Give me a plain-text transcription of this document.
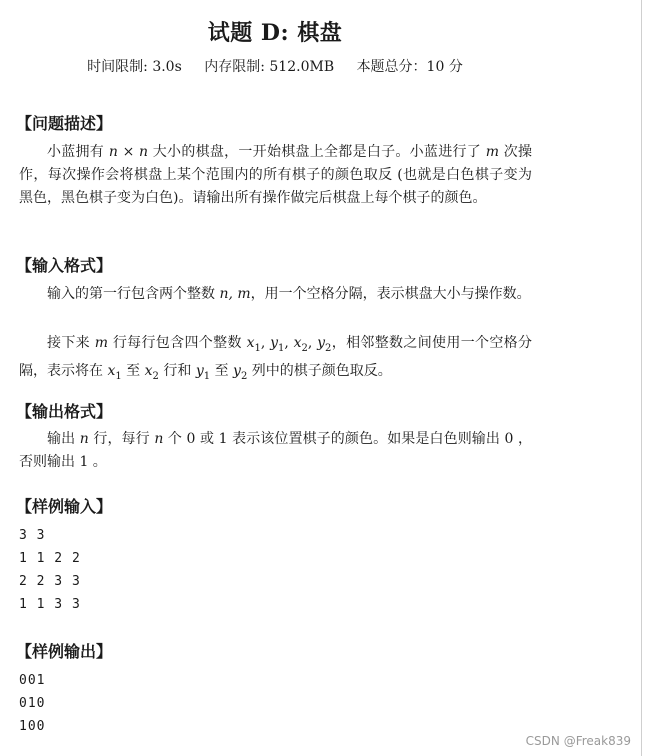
试题 D: 棋盘
时间限制: 3.0s 内存限制: 512.0MB 本题总分：10 分
【问题描述】
小蓝拥有 n × n 大小的棋盘，一开始棋盘上全都是白子。小蓝进行了 m 次操作，每次操作会将棋盘上某个范围内的所有棋子的颜色取反 (也就是白色棋子变为黑色，黑色棋子变为白色)。请输出所有操作做完后棋盘上每个棋子的颜色。
【输入格式】
输入的第一行包含两个整数 n, m，用一个空格分隔，表示棋盘大小与操作数。
接下来 m 行每行包含四个整数 $x_1$, $y_1$, $x_2$, $y_2$，相邻整数之间使用一个空格分隔，表示将在 $x_1$ 至 $x_2$ 行和 $y_1$ 至 $y_2$ 列中的棋子颜色取反。
【输出格式】
输出 n 行，每行 n 个 0 或 1 表示该位置棋子的颜色。如果是白色则输出 0 ，否则输出 1 。
【样例输入】
3 3
1 1 2 2
2 2 3 3
1 1 3 3
【样例输出】
001
010
100
CSDN @Freak839
